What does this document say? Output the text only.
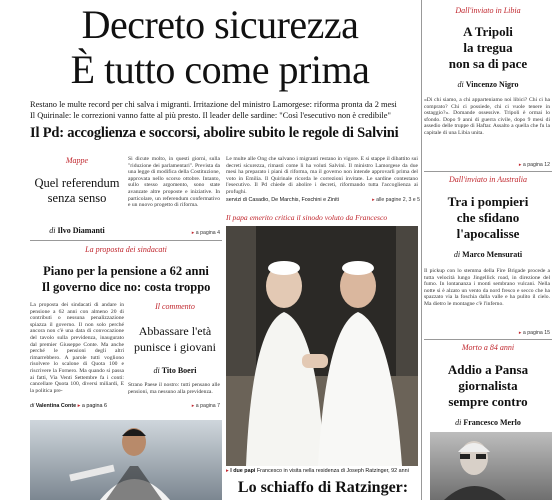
Decreto sicurezza
È tutto come prima
Restano le multe record per chi salva i migranti. Irritazione del ministro Lamorgese: riforma pronta da 2 mesi
Il Quirinale: le correzioni vanno fatte al più presto. Il leader delle sardine: "Così l'esecutivo non è credibile"
Il Pd: accoglienza e soccorsi, abolire subito le regole di Salvini
Dall'inviato in Libia
A Tripoli
la tregua
non sa di pace
di Vincenzo Nigro
«Di chi siamo, a chi apparteniamo noi libici? Chi ci ha comprato? Chi ci possiede, chi ci vuole tenere in ostaggio?». Domande ossessive. Tripoli è ormai lo sfondo. Dopo 9 anni di guerra civile, dopo 9 mesi di assedio delle truppe di Haftar. Assalto a quella che fu la capitale di una Libia unita.
▸ a pagina 12
Dall'inviato in Australia
Tra i pompieri
che sfidano
l'apocalisse
di Marco Mensurati
Il pickup con lo stemma della Fire Brigade procede a tutta velocità lungo Jingellick road, in direzione del fumo. In lontananza i monti sembrano vulcani. Nella notte si è alzato un vento da nord fresco e secco che ha spazzato via la foschia dalla valle e ha pulito il cielo. Ma dietro le montagne c'è l'inferno.
▸ a pagina 15
Morto a 84 anni
Addio a Pansa
giornalista
sempre contro
di Francesco Merlo
Mappe
Quel referendum
senza senso
di Ilvo Diamanti
Si dicute molto, in questi giorni, sulla "riduzione dei parlamentari". Prevista da una legge di modifica della Costituzione, approvata nello scorso ottobre. Intanto, sullo stesso argomento, sono state avanzate altre proposte e iniziative. In particolare, un referendum confermativo e un nuovo progetto di riforma.
▸ a pagina 4
Le multe alle Ong che salvano i migranti restano in vigore. E si stappe il dibattito sui decreti sicurezza, rimasti come li ha voluti Salvini. Il ministro Lamorgese da due mesi ha preparato i piani di riforma, ma il governo non intende approvarli prima del voto in Emilia. Il Quirinale ricorda le correzioni invitate. Le sardine contestano l'esecutivo. Il Pd chiede di abolire i decreti, riformando tutta l'accoglienza ai profughi.
servizi di Casadio, De Marchis, Foschini e Ziniti	▸ alle pagine 2, 3 e 5
La proposta dei sindacati
Piano per la pensione a 62 anni
Il governo dice no: costa troppo
La proposta dei sindacati di andare in pensione a 62 anni con almeno 20 di contributi o nessuna penalizzazione spiazza il governo. Il non solo perché ancora non c'è una data di convocazione del tavolo sulla previdenza, inaugurato dal premier Giuseppe Conte. Ma anche perché le pensioni degli altri rimarrebbero. A parole tutti vogliono risolvere lo scalone di Quota 100 e riscrivere la Fornero. Ma quando si passa ai fatti, Via Venti Settembre fa i conti: cancellare Quota 100, diversi miliardi, E la politica pre-
di Valentina Conte ▸ a pagina 6
Il commento
Abbassare l'età
punisce i giovani
di Tito Boeri
Strano Paese il nostro: tutti pensano alle pensioni, ma nessuno alla previdenza.
▸ a pagina 7
Il papa emerito critica il sinodo voluto da Francesco
▸ I due papi Francesco in visita nella residenza di Joseph Ratzinger, 92 anni
Lo schiaffo di Ratzinger:
